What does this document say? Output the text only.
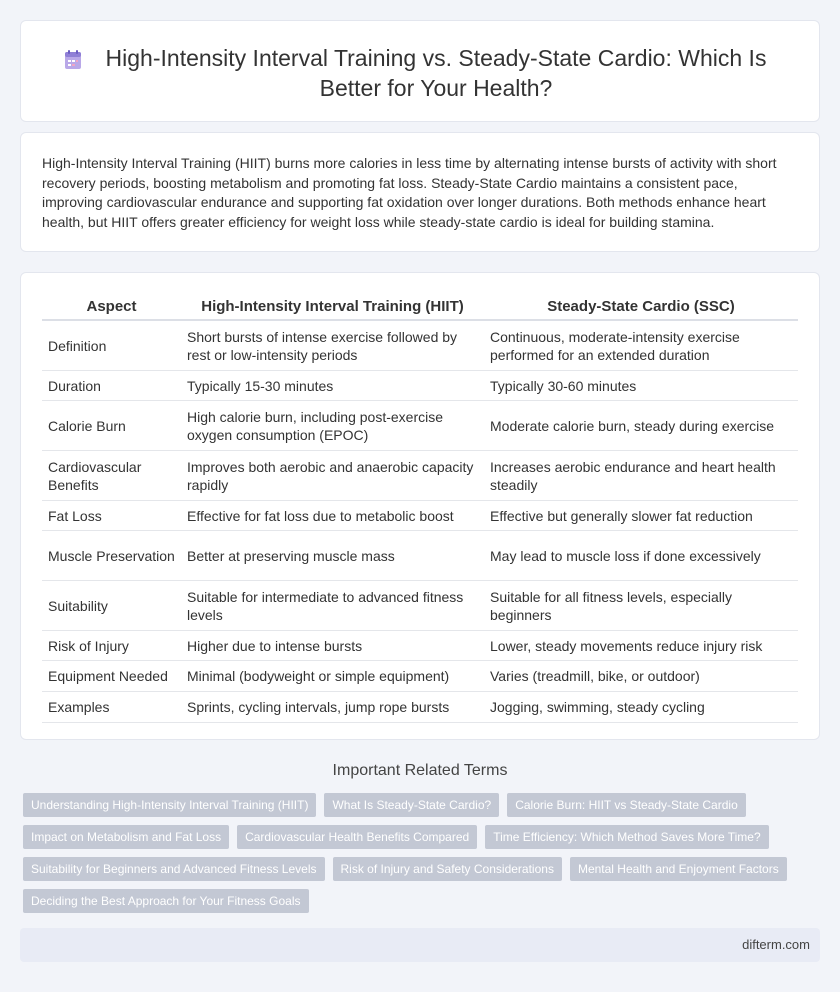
High-Intensity Interval Training vs. Steady-State Cardio: Which Is Better for Your Health?

High-Intensity Interval Training (HIIT) burns more calories in less time by alternating intense bursts of activity with short recovery periods, boosting metabolism and promoting fat loss. Steady-State Cardio maintains a consistent pace, improving cardiovascular endurance and supporting fat oxidation over longer durations. Both methods enhance heart health, but HIIT offers greater efficiency for weight loss while steady-state cardio is ideal for building stamina.

Aspect	High-Intensity Interval Training (HIIT)	Steady-State Cardio (SSC)
Definition	Short bursts of intense exercise followed by rest or low-intensity periods	Continuous, moderate-intensity exercise performed for an extended duration
Duration	Typically 15-30 minutes	Typically 30-60 minutes
Calorie Burn	High calorie burn, including post-exercise oxygen consumption (EPOC)	Moderate calorie burn, steady during exercise
Cardiovascular Benefits	Improves both aerobic and anaerobic capacity rapidly	Increases aerobic endurance and heart health steadily
Fat Loss	Effective for fat loss due to metabolic boost	Effective but generally slower fat reduction
Muscle Preservation	Better at preserving muscle mass	May lead to muscle loss if done excessively
Suitability	Suitable for intermediate to advanced fitness levels	Suitable for all fitness levels, especially beginners
Risk of Injury	Higher due to intense bursts	Lower, steady movements reduce injury risk
Equipment Needed	Minimal (bodyweight or simple equipment)	Varies (treadmill, bike, or outdoor)
Examples	Sprints, cycling intervals, jump rope bursts	Jogging, swimming, steady cycling
Important Related Terms
Understanding High-Intensity Interval Training (HIIT)	What Is Steady-State Cardio?	Calorie Burn: HIIT vs Steady-State Cardio
Impact on Metabolism and Fat Loss	Cardiovascular Health Benefits Compared	Time Efficiency: Which Method Saves More Time?
Suitability for Beginners and Advanced Fitness Levels	Risk of Injury and Safety Considerations	Mental Health and Enjoyment Factors
Deciding the Best Approach for Your Fitness Goals
difterm.com
